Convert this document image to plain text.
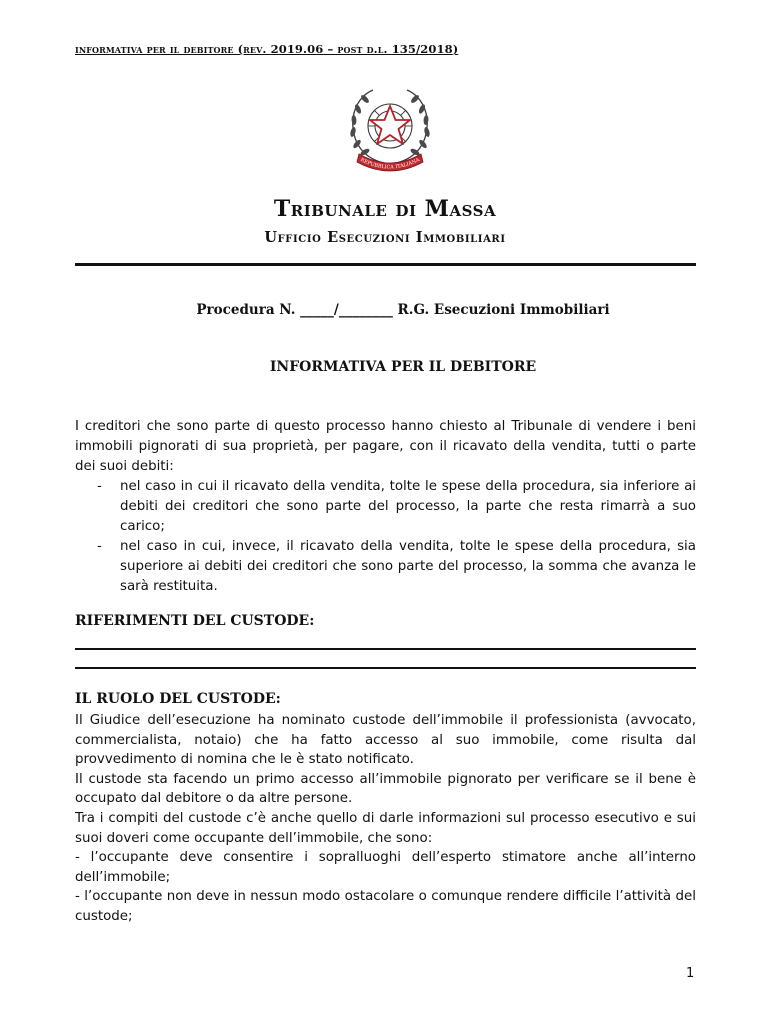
informativa per il debitore (rev. 2019.06 – post d.l. 135/2018)
REPUBBLICA ITALIANA
Tribunale di Massa
Ufficio Esecuzioni Immobiliari
Procedura N. _____/________ R.G. Esecuzioni Immobiliari
INFORMATIVA PER IL DEBITORE

I creditori che sono parte di questo processo hanno chiesto al Tribunale di vendere i beni immobili pignorati di sua proprietà, per pagare, con il ricavato della vendita, tutti o parte dei suoi debiti:

- nel caso in cui il ricavato della vendita, tolte le spese della procedura, sia inferiore ai debiti dei creditori che sono parte del processo, la parte che resta rimarrà a suo carico;
- nel caso in cui, invece, il ricavato della vendita, tolte le spese della procedura, sia superiore ai debiti dei creditori che sono parte del processo, la somma che avanza le sarà restituita.
RIFERIMENTI DEL CUSTODE:
IL RUOLO DEL CUSTODE:

Il Giudice dell’esecuzione ha nominato custode dell’immobile il professionista (avvocato, commercialista, notaio) che ha fatto accesso al suo immobile, come risulta dal provvedimento di nomina che le è stato notificato.

Il custode sta facendo un primo accesso all’immobile pignorato per verificare se il bene è occupato dal debitore o da altre persone.

Tra i compiti del custode c’è anche quello di darle informazioni sul processo esecutivo e sui suoi doveri come occupante dell’immobile, che sono:

- l’occupante deve consentire i sopralluoghi dell’esperto stimatore anche all’interno dell’immobile;

- l’occupante non deve in nessun modo ostacolare o comunque rendere difficile l’attività del custode;

1
